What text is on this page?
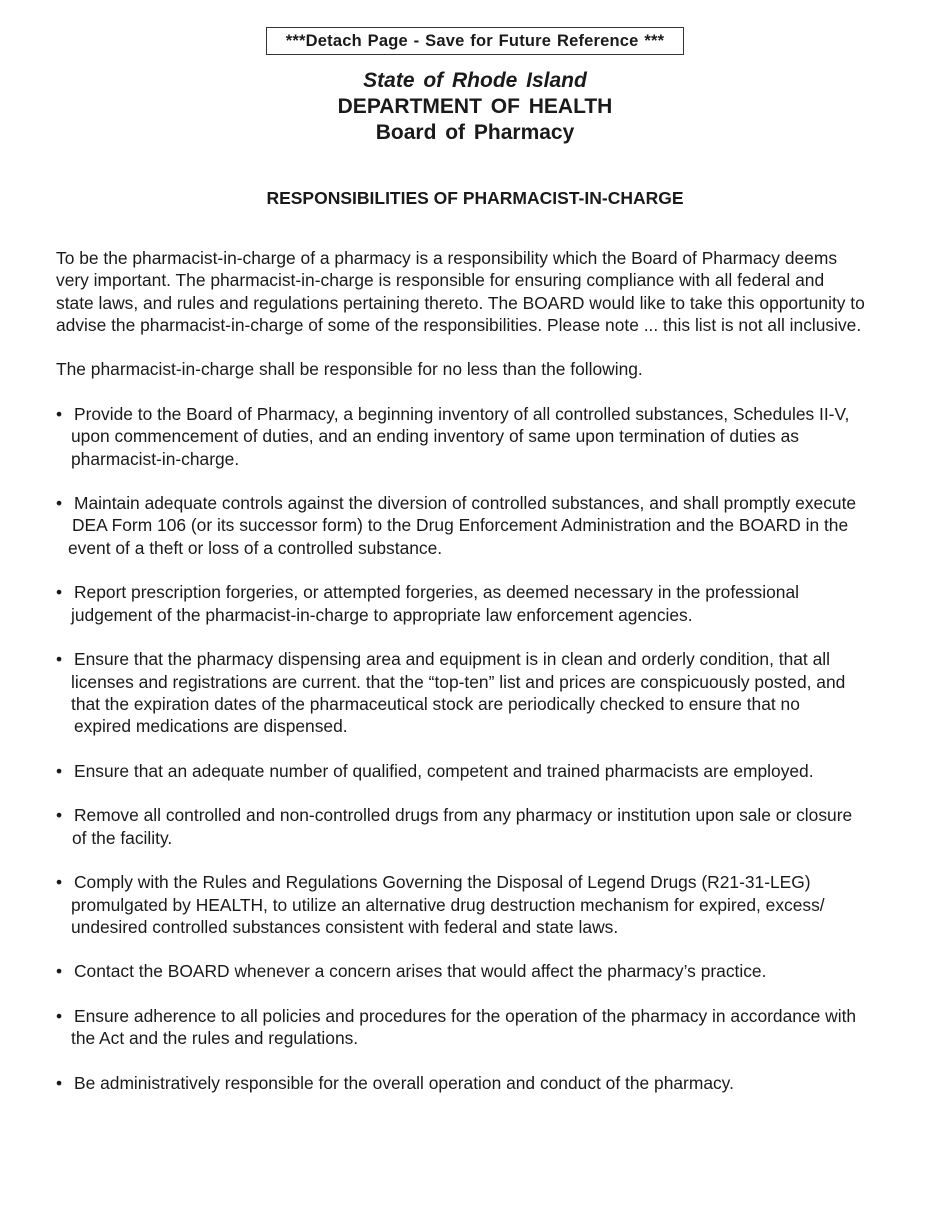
***Detach Page - Save for Future Reference ***
State of Rhode Island
DEPARTMENT OF HEALTH
Board of Pharmacy
RESPONSIBILITIES OF PHARMACIST-IN-CHARGE
To be the pharmacist-in-charge of a pharmacy is a responsibility which the Board of Pharmacy deems
very important. The pharmacist-in-charge is responsible for ensuring compliance with all federal and
state laws, and rules and regulations pertaining thereto. The BOARD would like to take this opportunity to
advise the pharmacist-in-charge of some of the responsibilities. Please note ... this list is not all inclusive.
The pharmacist-in-charge shall be responsible for no less than the following.
• Provide to the Board of Pharmacy, a beginning inventory of all controlled substances, Schedules II-V,
upon commencement of duties, and an ending inventory of same upon termination of duties as
pharmacist-in-charge.
• Maintain adequate controls against the diversion of controlled substances, and shall promptly execute
DEA Form 106 (or its successor form) to the Drug Enforcement Administration and the BOARD in the
event of a theft or loss of a controlled substance.
• Report prescription forgeries, or attempted forgeries, as deemed necessary in the professional
judgement of the pharmacist-in-charge to appropriate law enforcement agencies.
• Ensure that the pharmacy dispensing area and equipment is in clean and orderly condition, that all
licenses and registrations are current. that the “top-ten” list and prices are conspicuously posted, and
that the expiration dates of the pharmaceutical stock are periodically checked to ensure that no
expired medications are dispensed.
• Ensure that an adequate number of qualified, competent and trained pharmacists are employed.
• Remove all controlled and non-controlled drugs from any pharmacy or institution upon sale or closure
of the facility.
• Comply with the Rules and Regulations Governing the Disposal of Legend Drugs (R21-31-LEG)
promulgated by HEALTH, to utilize an alternative drug destruction mechanism for expired, excess/
undesired controlled substances consistent with federal and state laws.
• Contact the BOARD whenever a concern arises that would affect the pharmacy’s practice.
• Ensure adherence to all policies and procedures for the operation of the pharmacy in accordance with
the Act and the rules and regulations.
• Be administratively responsible for the overall operation and conduct of the pharmacy.
